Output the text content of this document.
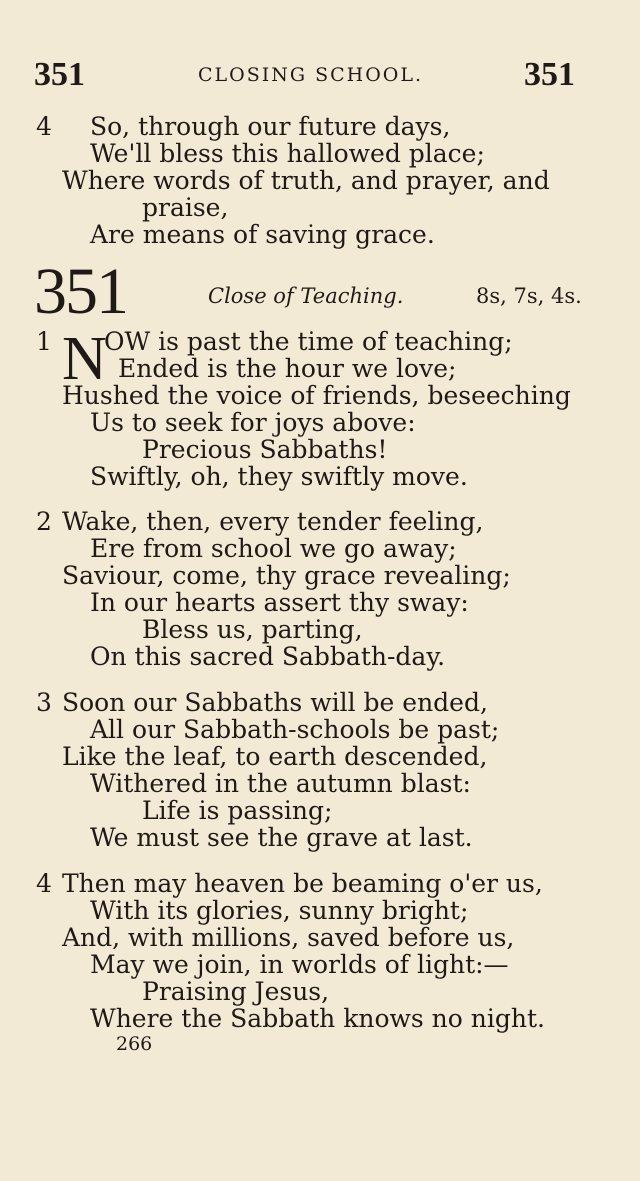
351	CLOSING SCHOOL.	351
4 So, through our future days,
We'll bless this hallowed place;
Where words of truth, and prayer, and
praise,
Are means of saving grace.
351	Close of Teaching.	8s, 7s, 4s.
1 N
OW is past the time of teaching;
Ended is the hour we love;
Hushed the voice of friends, beseeching
Us to seek for joys above:
Precious Sabbaths!
Swiftly, oh, they swiftly move.
2 Wake, then, every tender feeling,
Ere from school we go away;
Saviour, come, thy grace revealing;
In our hearts assert thy sway:
Bless us, parting,
On this sacred Sabbath-day.
3 Soon our Sabbaths will be ended,
All our Sabbath-schools be past;
Like the leaf, to earth descended,
Withered in the autumn blast:
Life is passing;
We must see the grave at last.
4 Then may heaven be beaming o'er us,
With its glories, sunny bright;
And, with millions, saved before us,
May we join, in worlds of light:—
Praising Jesus,
Where the Sabbath knows no night.
266
